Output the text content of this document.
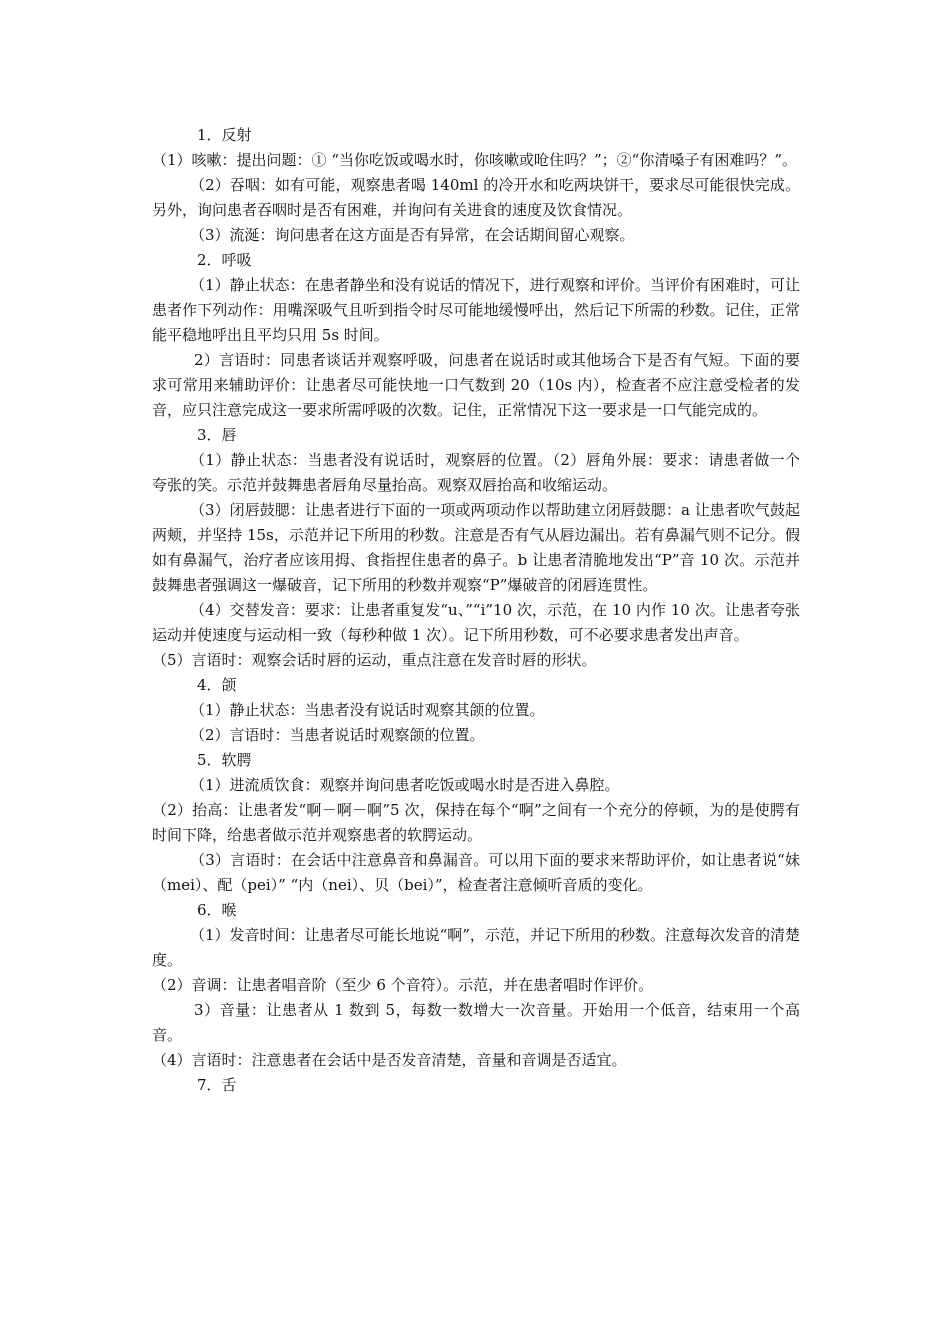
1．反射

（1）咳嗽：提出问题：① “当你吃饭或喝水时，你咳嗽或呛住吗？”；②“你清嗓子有困难吗？”。

（2）吞咽：如有可能，观察患者喝 140ml 的冷开水和吃两块饼干，要求尽可能很快完成。另外，询问患者吞咽时是否有困难，并询问有关进食的速度及饮食情况。

（3）流涎：询问患者在这方面是否有异常，在会话期间留心观察。

2．呼吸

（1）静止状态：在患者静坐和没有说话的情况下，进行观察和评价。当评价有困难时，可让患者作下列动作：用嘴深吸气且听到指令时尽可能地缓慢呼出，然后记下所需的秒数。记住，正常能平稳地呼出且平均只用 5s 时间。

2）言语时：同患者谈话并观察呼吸，问患者在说话时或其他场合下是否有气短。下面的要求可常用来辅助评价：让患者尽可能快地一口气数到 20（10s 内），检查者不应注意受检者的发音，应只注意完成这一要求所需呼吸的次数。记住，正常情况下这一要求是一口气能完成的。

3．唇

（1）静止状态：当患者没有说话时，观察唇的位置。（2）唇角外展：要求：请患者做一个夸张的笑。示范并鼓舞患者唇角尽量抬高。观察双唇抬高和收缩运动。

（3）闭唇鼓腮：让患者进行下面的一项或两项动作以帮助建立闭唇鼓腮：a 让患者吹气鼓起两颊，并坚持 15s，示范并记下所用的秒数。注意是否有气从唇边漏出。若有鼻漏气则不记分。假如有鼻漏气，治疗者应该用拇、食指捏住患者的鼻子。b 让患者清脆地发出“P”音 10 次。示范并鼓舞患者强调这一爆破音，记下所用的秒数并观察“P”爆破音的闭唇连贯性。

（4）交替发音：要求：让患者重复发“u、”“i”10 次，示范，在 10 内作 10 次。让患者夸张运动并使速度与运动相一致（每秒种做 1 次）。记下所用秒数，可不必要求患者发出声音。

（5）言语时：观察会话时唇的运动，重点注意在发音时唇的形状。

4．颌

（1）静止状态：当患者没有说话时观察其颌的位置。

（2）言语时：当患者说话时观察颌的位置。

5．软腭

（1）进流质饮食：观察并询问患者吃饭或喝水时是否进入鼻腔。

（2）抬高：让患者发“啊－啊－啊”5 次，保持在每个“啊”之间有一个充分的停顿，为的是使腭有时间下降，给患者做示范并观察患者的软腭运动。

（3）言语时：在会话中注意鼻音和鼻漏音。可以用下面的要求来帮助评价，如让患者说“妹（mei）、配（pei）” “内（nei）、贝（bei）”，检查者注意倾听音质的变化。

6．喉

（1）发音时间：让患者尽可能长地说“啊”，示范，并记下所用的秒数。注意每次发音的清楚度。

（2）音调：让患者唱音阶（至少 6 个音符）。示范，并在患者唱时作评价。

3）音量：让患者从 1 数到 5，每数一数增大一次音量。开始用一个低音，结束用一个高音。

（4）言语时：注意患者在会话中是否发音清楚，音量和音调是否适宜。

7．舌
